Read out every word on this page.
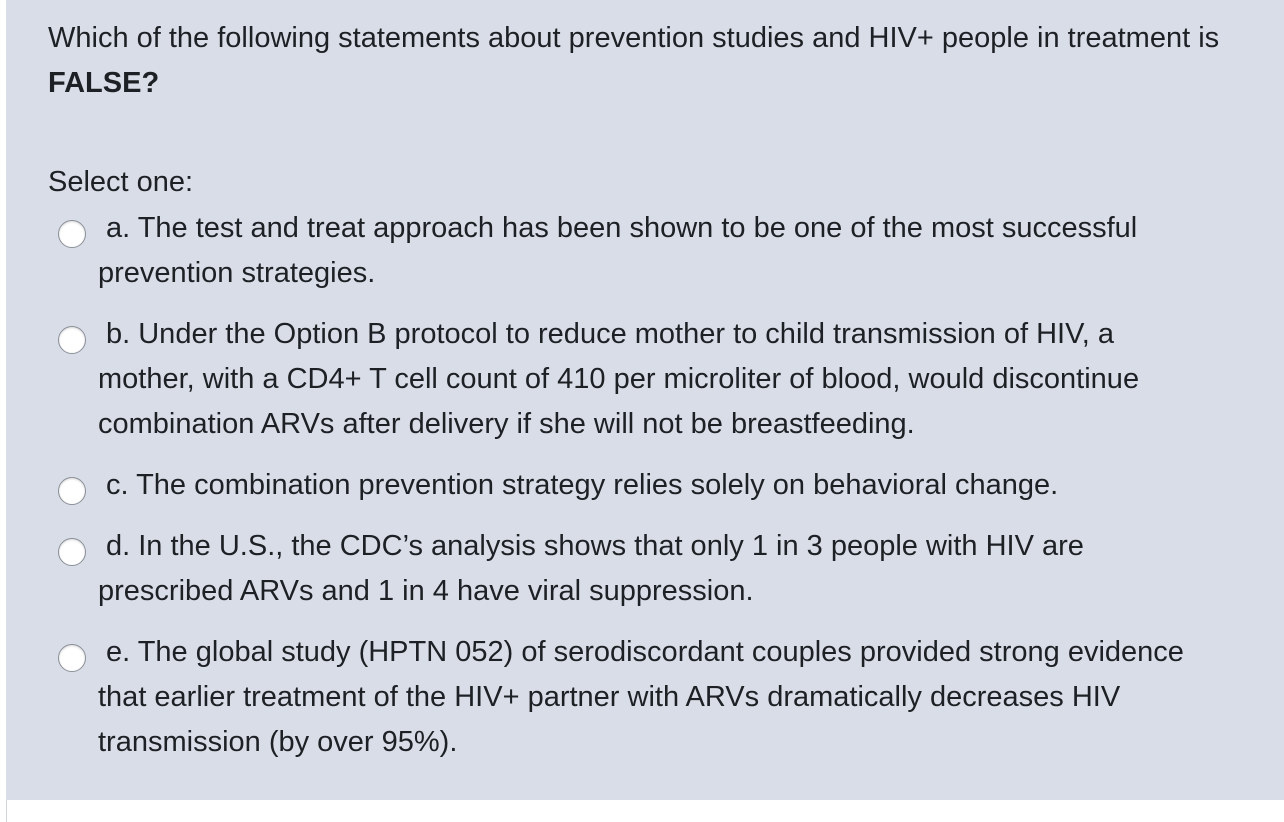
Which of the following statements about prevention studies and HIV+ people in treatment is FALSE?

Select one:
a. The test and treat approach has been shown to be one of the most successful prevention strategies.
b. Under the Option B protocol to reduce mother to child transmission of HIV, a mother, with a CD4+ T cell count of 410 per microliter of blood, would discontinue combination ARVs after delivery if she will not be breastfeeding.
c. The combination prevention strategy relies solely on behavioral change.
d. In the U.S., the CDC’s analysis shows that only 1 in 3 people with HIV are prescribed ARVs and 1 in 4 have viral suppression.
e. The global study (HPTN 052) of serodiscordant couples provided strong evidence that earlier treatment of the HIV+ partner with ARVs dramatically decreases HIV transmission (by over 95%).
